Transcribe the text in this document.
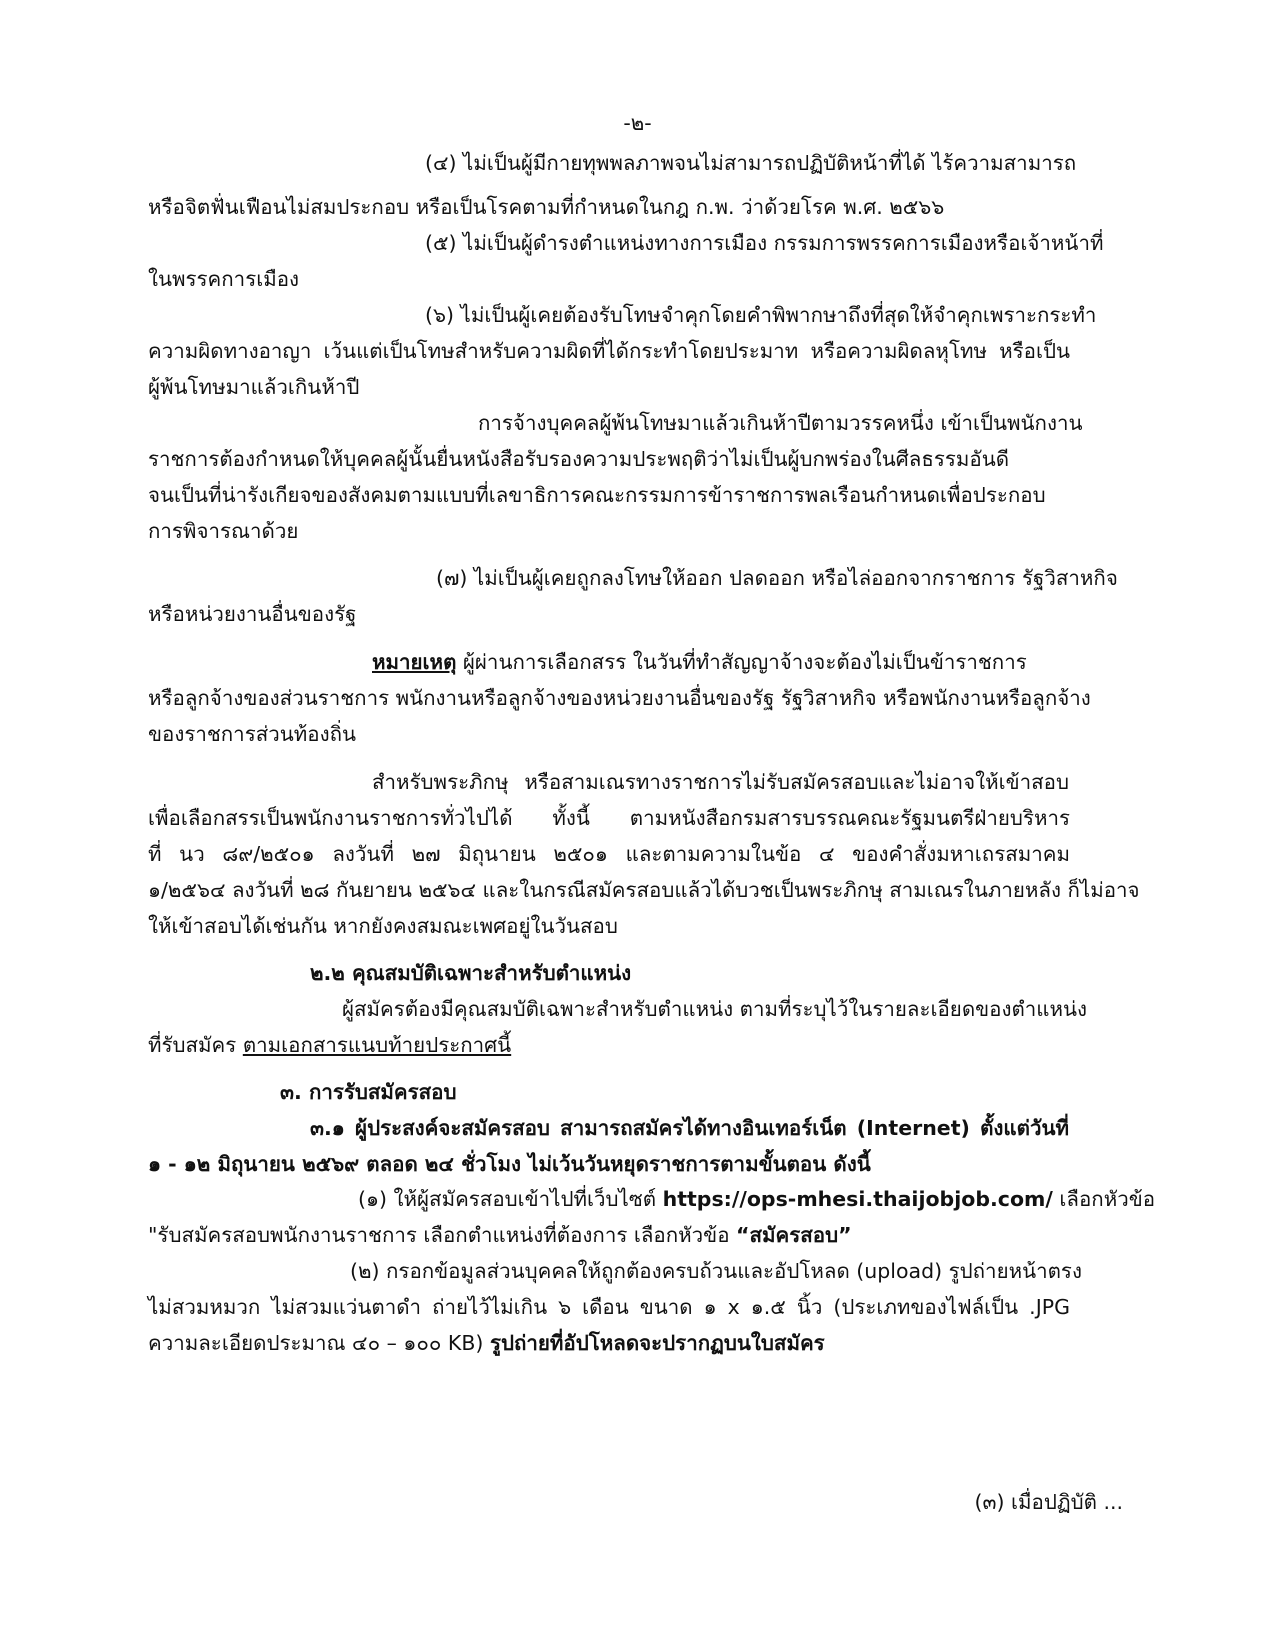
-๒-
(๔) ไม่เป็นผู้มีกายทุพพลภาพจนไม่สามารถปฏิบัติหน้าที่ได้ ไร้ความสามารถ
หรือจิตฟั่นเฟือนไม่สมประกอบ หรือเป็นโรคตามที่กำหนดในกฎ ก.พ. ว่าด้วยโรค พ.ศ. ๒๕๖๖
(๕) ไม่เป็นผู้ดำรงตำแหน่งทางการเมือง กรรมการพรรคการเมืองหรือเจ้าหน้าที่
ในพรรคการเมือง
(๖) ไม่เป็นผู้เคยต้องรับโทษจำคุกโดยคำพิพากษาถึงที่สุดให้จำคุกเพราะกระทำ
ความผิดทางอาญา เว้นแต่เป็นโทษสำหรับความผิดที่ได้กระทำโดยประมาท หรือความผิดลหุโทษ หรือเป็น
ผู้พ้นโทษมาแล้วเกินห้าปี
การจ้างบุคคลผู้พ้นโทษมาแล้วเกินห้าปีตามวรรคหนึ่ง เข้าเป็นพนักงาน
ราชการต้องกำหนดให้บุคคลผู้นั้นยื่นหนังสือรับรองความประพฤติว่าไม่เป็นผู้บกพร่องในศีลธรรมอันดี
จนเป็นที่น่ารังเกียจของสังคมตามแบบที่เลขาธิการคณะกรรมการข้าราชการพลเรือนกำหนดเพื่อประกอบ
การพิจารณาด้วย
(๗) ไม่เป็นผู้เคยถูกลงโทษให้ออก ปลดออก หรือไล่ออกจากราชการ รัฐวิสาหกิจ
หรือหน่วยงานอื่นของรัฐ
หมายเหตุ ผู้ผ่านการเลือกสรร ในวันที่ทำสัญญาจ้างจะต้องไม่เป็นข้าราชการ
หรือลูกจ้างของส่วนราชการ พนักงานหรือลูกจ้างของหน่วยงานอื่นของรัฐ รัฐวิสาหกิจ หรือพนักงานหรือลูกจ้าง
ของราชการส่วนท้องถิ่น
สำหรับพระภิกษุ หรือสามเณรทางราชการไม่รับสมัครสอบและไม่อาจให้เข้าสอบ
เพื่อเลือกสรรเป็นพนักงานราชการทั่วไปได้ ทั้งนี้ ตามหนังสือกรมสารบรรณคณะรัฐมนตรีฝ่ายบริหาร
ที่ นว ๘๙/๒๕๐๑ ลงวันที่ ๒๗ มิถุนายน ๒๕๐๑ และตามความในข้อ ๔ ของคำสั่งมหาเถรสมาคม
๑/๒๕๖๔ ลงวันที่ ๒๘ กันยายน ๒๕๖๔ และในกรณีสมัครสอบแล้วได้บวชเป็นพระภิกษุ สามเณรในภายหลัง ก็ไม่อาจ
ให้เข้าสอบได้เช่นกัน หากยังคงสมณะเพศอยู่ในวันสอบ
๒.๒ คุณสมบัติเฉพาะสำหรับตำแหน่ง
ผู้สมัครต้องมีคุณสมบัติเฉพาะสำหรับตำแหน่ง ตามที่ระบุไว้ในรายละเอียดของตำแหน่ง
ที่รับสมัคร ตามเอกสารแนบท้ายประกาศนี้
๓. การรับสมัครสอบ
๓.๑ ผู้ประสงค์จะสมัครสอบ สามารถสมัครได้ทางอินเทอร์เน็ต (Internet) ตั้งแต่วันที่
๑ - ๑๒ มิถุนายน ๒๕๖๙ ตลอด ๒๔ ชั่วโมง ไม่เว้นวันหยุดราชการตามขั้นตอน ดังนี้
(๑) ให้ผู้สมัครสอบเข้าไปที่เว็บไซต์ https://ops-mhesi.thaijobjob.com/ เลือกหัวข้อ
"รับสมัครสอบพนักงานราชการ เลือกตำแหน่งที่ต้องการ เลือกหัวข้อ “สมัครสอบ”
(๒) กรอกข้อมูลส่วนบุคคลให้ถูกต้องครบถ้วนและอัปโหลด (upload) รูปถ่ายหน้าตรง
ไม่สวมหมวก ไม่สวมแว่นตาดำ ถ่ายไว้ไม่เกิน ๖ เดือน ขนาด ๑ x ๑.๕ นิ้ว (ประเภทของไฟล์เป็น .JPG
ความละเอียดประมาณ ๔๐ – ๑๐๐ KB) รูปถ่ายที่อัปโหลดจะปรากฏบนใบสมัคร
(๓) เมื่อปฏิบัติ ...
